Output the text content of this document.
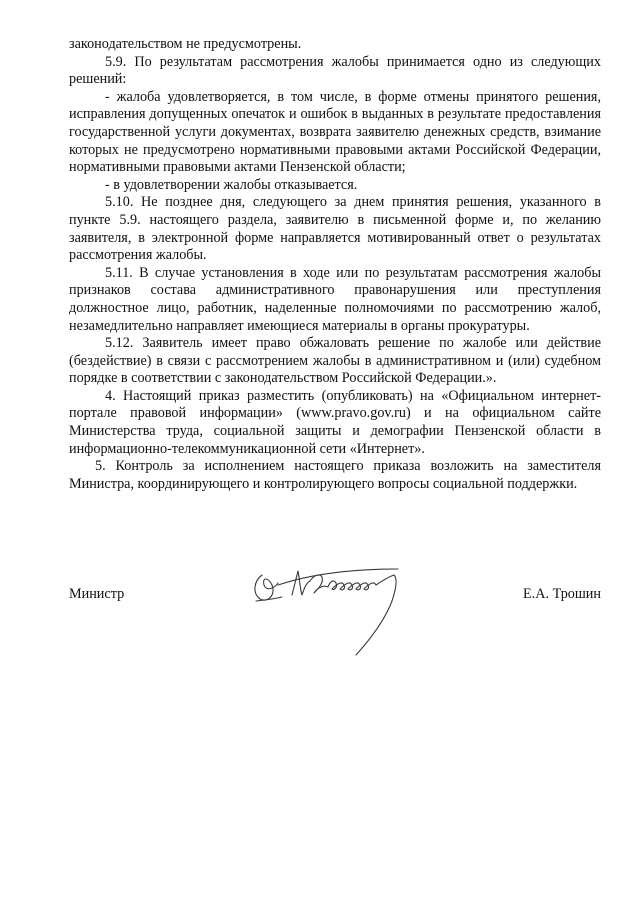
законодательством не предусмотрены.

5.9. По результатам рассмотрения жалобы принимается одно из следующих решений:

- жалоба удовлетворяется, в том числе, в форме отмены принятого решения, исправления допущенных опечаток и ошибок в выданных в результате предоставления государственной услуги документах, возврата заявителю денежных средств, взимание которых не предусмотрено нормативными правовыми актами Российской Федерации, нормативными правовыми актами Пензенской области;

- в удовлетворении жалобы отказывается.

5.10. Не позднее дня, следующего за днем принятия решения, указанного в пункте 5.9. настоящего раздела, заявителю в письменной форме и, по желанию заявителя, в электронной форме направляется мотивированный ответ о результатах рассмотрения жалобы.

5.11. В случае установления в ходе или по результатам рассмотрения жалобы признаков состава административного правонарушения или преступления должностное лицо, работник, наделенные полномочиями по рассмотрению жалоб, незамедлительно направляет имеющиеся материалы в органы прокуратуры.

5.12. Заявитель имеет право обжаловать решение по жалобе или действие (бездействие) в связи с рассмотрением жалобы в административном и (или) судебном порядке в соответствии с законодательством Российской Федерации.».

4. Настоящий приказ разместить (опубликовать) на «Официальном интернет-портале правовой информации» (www.pravo.gov.ru) и на официальном сайте Министерства труда, социальной защиты и демографии Пензенской области в информационно-телекоммуникационной сети «Интернет».

5. Контроль за исполнением настоящего приказа возложить на заместителя Министра, координирующего и контролирующего вопросы социальной поддержки.

Министр	Е.А. Трошин
